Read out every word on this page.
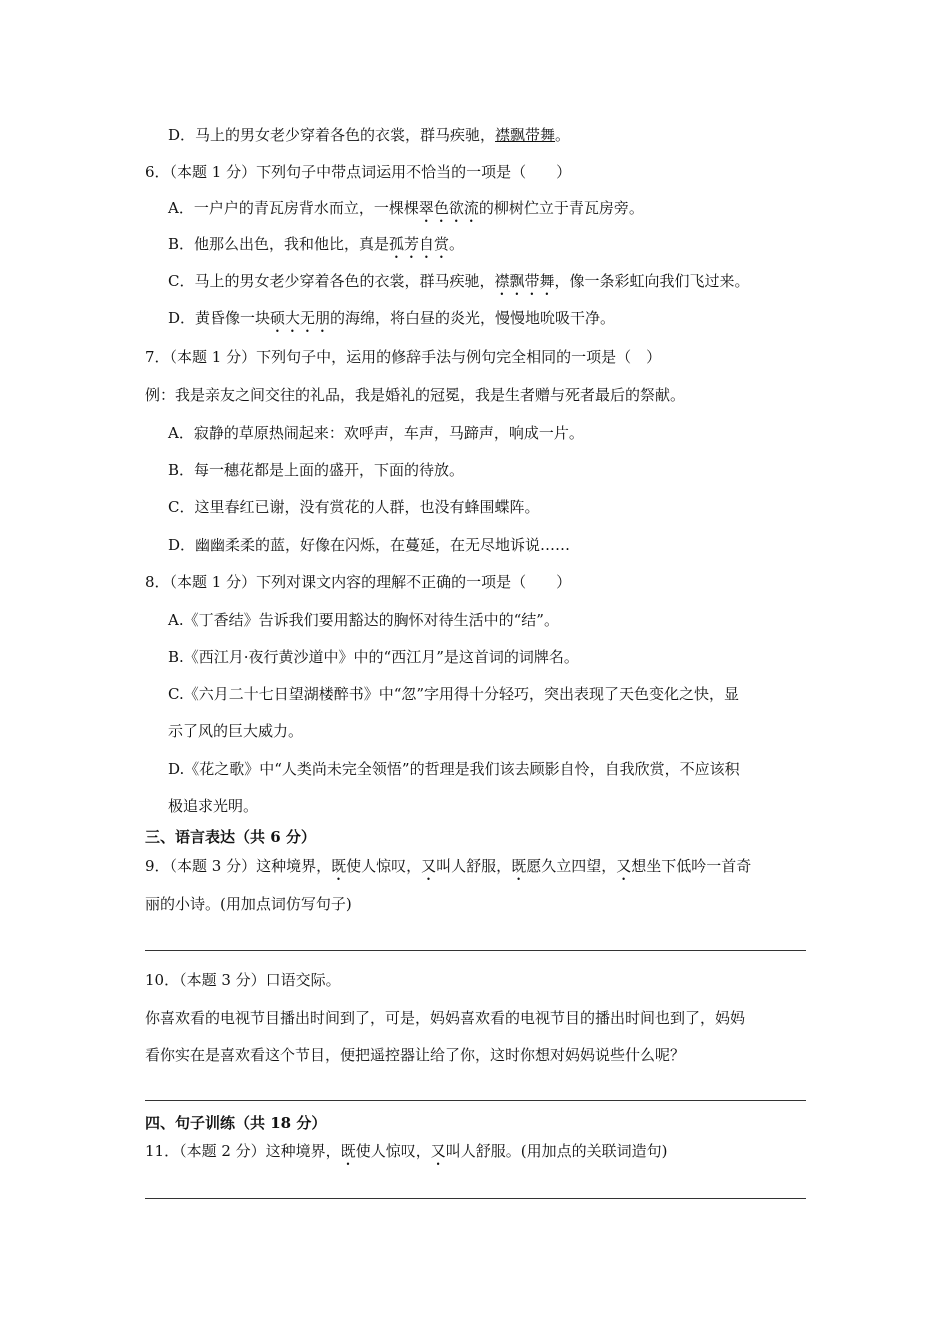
D．马上的男女老少穿着各色的衣裳，群马疾驰，襟飘带舞。
6．（本题 1 分）下列句子中带点词运用不恰当的一项是（　　）
A．一户户的青瓦房背水而立，一棵棵翠色欲流的柳树伫立于青瓦房旁。
B．他那么出色，我和他比，真是孤芳自赏。
C．马上的男女老少穿着各色的衣裳，群马疾驰，襟飘带舞，像一条彩虹向我们飞过来。
D．黄昏像一块硕大无朋的海绵，将白昼的炎光，慢慢地吮吸干净。
7．（本题 1 分）下列句子中，运用的修辞手法与例句完全相同的一项是（　）
例：我是亲友之间交往的礼品，我是婚礼的冠冕，我是生者赠与死者最后的祭献。
A．寂静的草原热闹起来：欢呼声，车声，马蹄声，响成一片。
B．每一穗花都是上面的盛开，下面的待放。
C．这里春红已谢，没有赏花的人群，也没有蜂围蝶阵。
D．幽幽柔柔的蓝，好像在闪烁，在蔓延，在无尽地诉说……
8．（本题 1 分）下列对课文内容的理解不正确的一项是（　　）
A.《丁香结》告诉我们要用豁达的胸怀对待生活中的“结”。
B.《西江月·夜行黄沙道中》中的“西江月”是这首词的词牌名。
C.《六月二十七日望湖楼醉书》中“忽”字用得十分轻巧，突出表现了天色变化之快，显
示了风的巨大威力。
D.《花之歌》中“人类尚未完全领悟”的哲理是我们该去顾影自怜，自我欣赏，不应该积
极追求光明。
三、语言表达（共 6 分）
9．（本题 3 分）这种境界，既使人惊叹，又叫人舒服，既愿久立四望，又想坐下低吟一首奇
丽的小诗。(用加点词仿写句子)
10．（本题 3 分）口语交际。
你喜欢看的电视节目播出时间到了，可是，妈妈喜欢看的电视节目的播出时间也到了，妈妈
看你实在是喜欢看这个节目，便把遥控器让给了你，这时你想对妈妈说些什么呢？
四、句子训练（共 18 分）
11．（本题 2 分）这种境界，既使人惊叹，又叫人舒服。(用加点的关联词造句)
